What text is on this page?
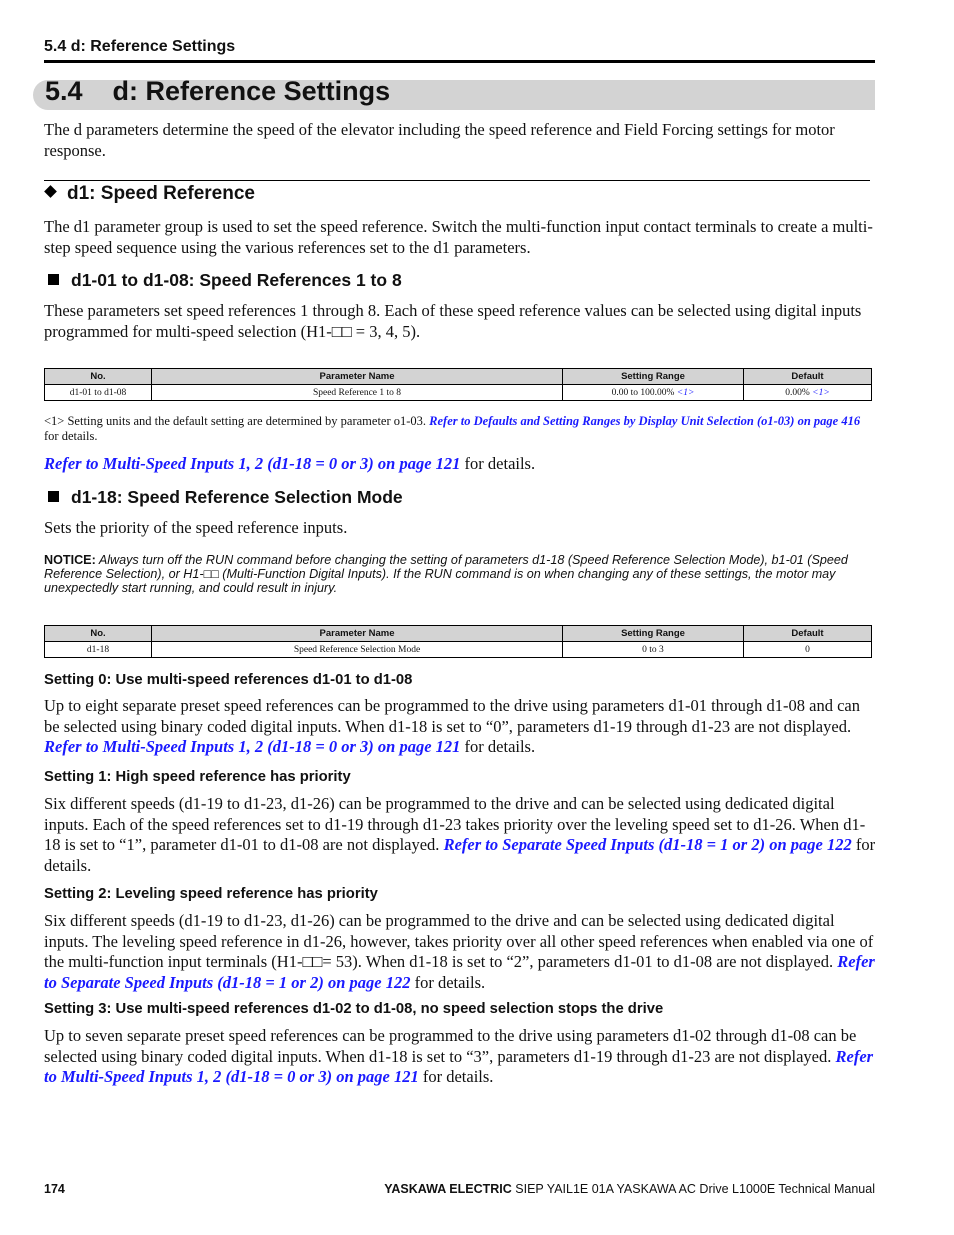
5.4 d: Reference Settings
5.4    d: Reference Settings
The d parameters determine the speed of the elevator including the speed reference and Field Forcing settings for motor response.
d1: Speed Reference
The d1 parameter group is used to set the speed reference. Switch the multi-function input contact terminals to create a multi-step speed sequence using the various references set to the d1 parameters.
d1-01 to d1-08: Speed References 1 to 8
These parameters set speed references 1 through 8. Each of these speed reference values can be selected using digital inputs programmed for multi-speed selection (H1-□□ = 3, 4, 5).
No.	Parameter Name	Setting Range	Default
d1-01 to d1-08	Speed Reference 1 to 8	0.00 to 100.00% <1>	0.00% <1>
<1> Setting units and the default setting are determined by parameter o1-03. Refer to Defaults and Setting Ranges by Display Unit Selection (o1-03) on page 416 for details.
Refer to Multi-Speed Inputs 1, 2 (d1-18 = 0 or 3) on page 121 for details.
d1-18: Speed Reference Selection Mode
Sets the priority of the speed reference inputs.
NOTICE: Always turn off the RUN command before changing the setting of parameters d1-18 (Speed Reference Selection Mode), b1-01 (Speed Reference Selection), or H1-□□ (Multi-Function Digital Inputs). If the RUN command is on when changing any of these settings, the motor may unexpectedly start running, and could result in injury.
No.	Parameter Name	Setting Range	Default
d1-18	Speed Reference Selection Mode	0 to 3	0
Setting 0: Use multi-speed references d1-01 to d1-08
Up to eight separate preset speed references can be programmed to the drive using parameters d1-01 through d1-08 and can be selected using binary coded digital inputs. When d1-18 is set to “0”, parameters d1-19 through d1-23 are not displayed. Refer to Multi-Speed Inputs 1, 2 (d1-18 = 0 or 3) on page 121 for details.
Setting 1: High speed reference has priority
Six different speeds (d1-19 to d1-23, d1-26) can be programmed to the drive and can be selected using dedicated digital inputs. Each of the speed references set to d1-19 through d1-23 takes priority over the leveling speed set to d1-26. When d1-18 is set to “1”, parameter d1-01 to d1-08 are not displayed. Refer to Separate Speed Inputs (d1-18 = 1 or 2) on page 122 for details.
Setting 2: Leveling speed reference has priority
Six different speeds (d1-19 to d1-23, d1-26) can be programmed to the drive and can be selected using dedicated digital inputs. The leveling speed reference in d1-26, however, takes priority over all other speed references when enabled via one of the multi-function input terminals (H1-□□= 53). When d1-18 is set to “2”, parameters d1-01 to d1-08 are not displayed. Refer to Separate Speed Inputs (d1-18 = 1 or 2) on page 122 for details.
Setting 3: Use multi-speed references d1-02 to d1-08, no speed selection stops the drive
Up to seven separate preset speed references can be programmed to the drive using parameters d1-02 through d1-08 can be selected using binary coded digital inputs. When d1-18 is set to “3”, parameters d1-19 through d1-23 are not displayed. Refer to Multi-Speed Inputs 1, 2 (d1-18 = 0 or 3) on page 121 for details.
174	YASKAWA ELECTRIC SIEP YAIL1E 01A YASKAWA AC Drive L1000E Technical Manual
